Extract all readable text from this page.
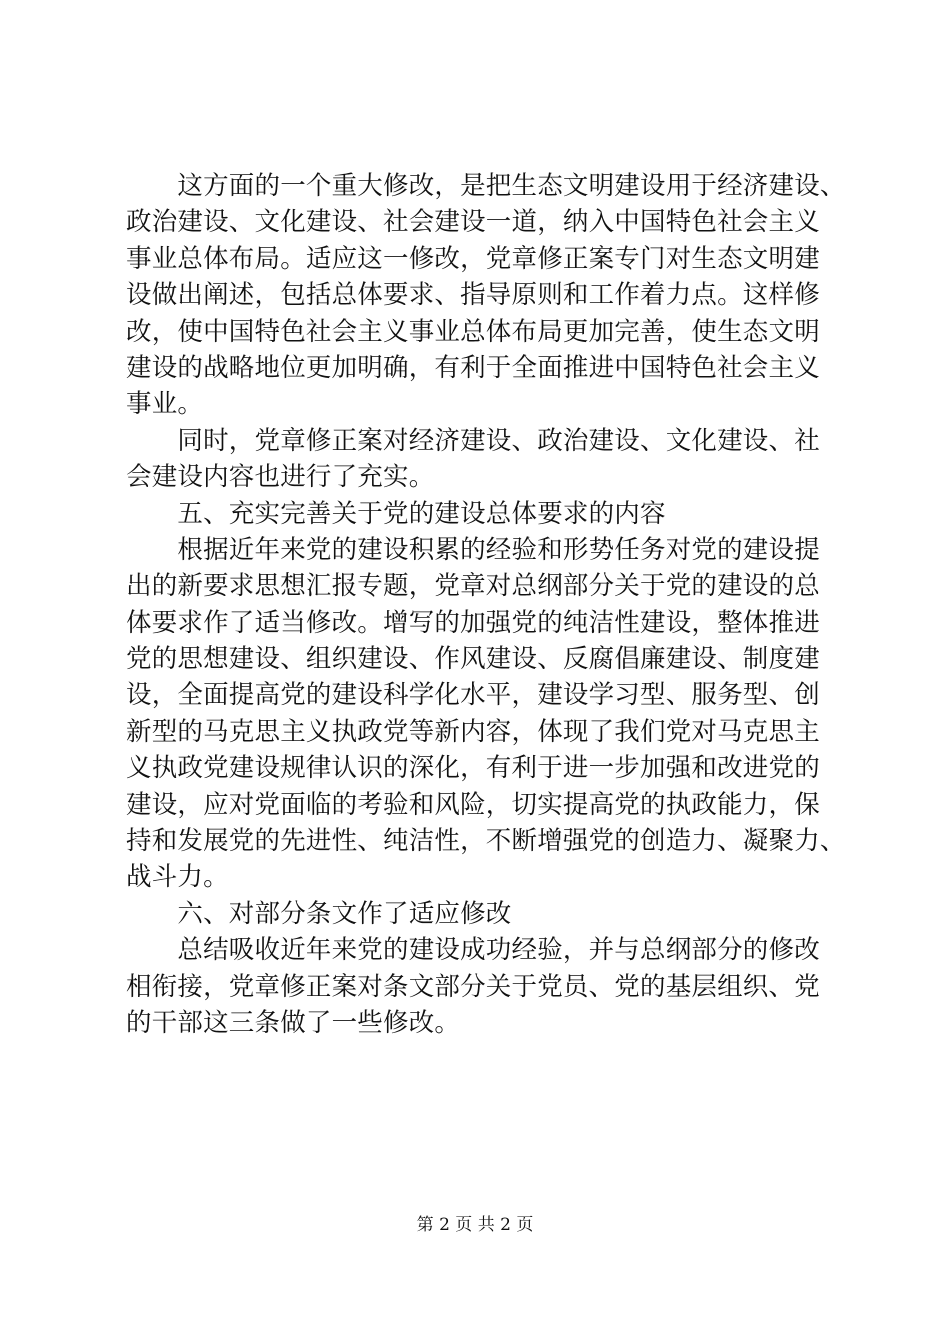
　　这方面的一个重大修改，是把生态文明建设用于经济建设、
政治建设、文化建设、社会建设一道，纳入中国特色社会主义
事业总体布局。适应这一修改，党章修正案专门对生态文明建
设做出阐述，包括总体要求、指导原则和工作着力点。这样修
改，使中国特色社会主义事业总体布局更加完善，使生态文明
建设的战略地位更加明确，有利于全面推进中国特色社会主义
事业。
　　同时，党章修正案对经济建设、政治建设、文化建设、社
会建设内容也进行了充实。
　　五、充实完善关于党的建设总体要求的内容
　　根据近年来党的建设积累的经验和形势任务对党的建设提
出的新要求思想汇报专题，党章对总纲部分关于党的建设的总
体要求作了适当修改。增写的加强党的纯洁性建设，整体推进
党的思想建设、组织建设、作风建设、反腐倡廉建设、制度建
设，全面提高党的建设科学化水平，建设学习型、服务型、创
新型的马克思主义执政党等新内容，体现了我们党对马克思主
义执政党建设规律认识的深化，有利于进一步加强和改进党的
建设，应对党面临的考验和风险，切实提高党的执政能力，保
持和发展党的先进性、纯洁性，不断增强党的创造力、凝聚力、
战斗力。
　　六、对部分条文作了适应修改
　　总结吸收近年来党的建设成功经验，并与总纲部分的修改
相衔接，党章修正案对条文部分关于党员、党的基层组织、党
的干部这三条做了一些修改。
第 2 页 共 2 页
